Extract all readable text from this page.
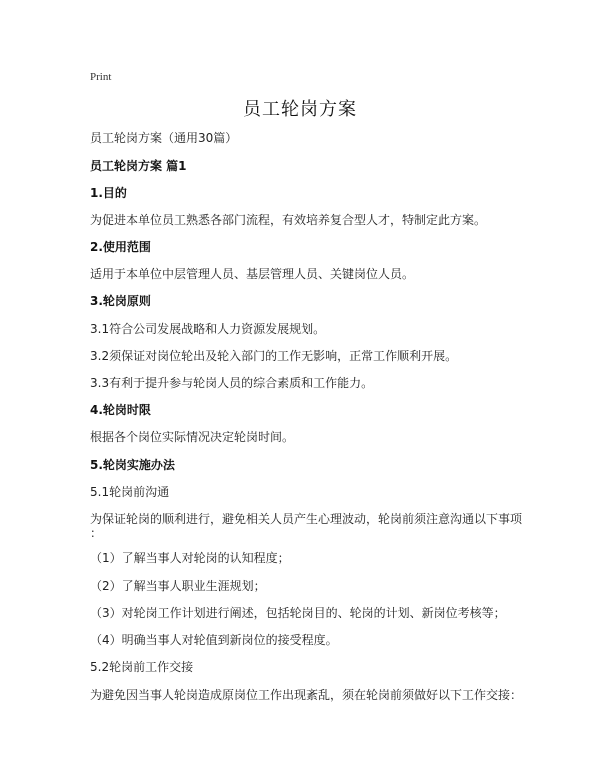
Print
员工轮岗方案
员工轮岗方案（通用30篇）
员工轮岗方案 篇1
1.目的
为促进本单位员工熟悉各部门流程，有效培养复合型人才，特制定此方案。
2.使用范围
适用于本单位中层管理人员、基层管理人员、关键岗位人员。
3.轮岗原则
3.1符合公司发展战略和人力资源发展规划。
3.2须保证对岗位轮出及轮入部门的工作无影响，正常工作顺利开展。
3.3有利于提升参与轮岗人员的综合素质和工作能力。
4.轮岗时限
根据各个岗位实际情况决定轮岗时间。
5.轮岗实施办法
5.1轮岗前沟通
为保证轮岗的顺利进行，避免相关人员产生心理波动，轮岗前须注意沟通以下事项
：
（1）了解当事人对轮岗的认知程度；
（2）了解当事人职业生涯规划；
（3）对轮岗工作计划进行阐述，包括轮岗目的、轮岗的计划、新岗位考核等；
（4）明确当事人对轮值到新岗位的接受程度。
5.2轮岗前工作交接
为避免因当事人轮岗造成原岗位工作出现紊乱，须在轮岗前须做好以下工作交接：
